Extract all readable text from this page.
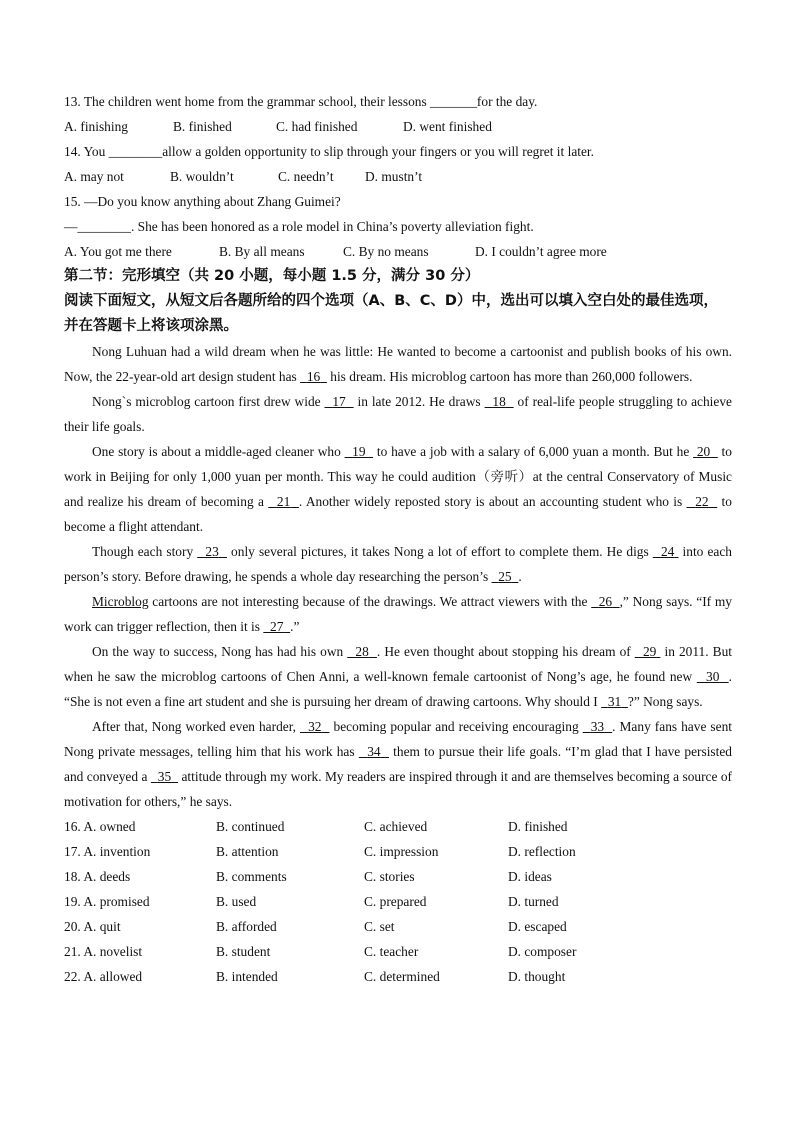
13. The children went home from the grammar school, their lessons _______for the day.
A. finishing	B. finished	C. had finished	D. went finished
14. You ________allow a golden opportunity to slip through your fingers or you will regret it later.
A. may not	B. wouldn’t	C. needn’t	D. mustn’t
15. —Do you know anything about Zhang Guimei?
—________. She has been honored as a role model in China’s poverty alleviation fight.
A. You got me there	B. By all means	C. By no means	D. I couldn’t agree more
第二节：完形填空（共 20 小题，每小题 1.5 分，满分 30 分）
阅读下面短文，从短文后各题所给的四个选项（A、B、C、D）中，选出可以填入空白处的最佳选项，并在答题卡上将该项涂黑。

Nong Luhuan had a wild dream when he was little: He wanted to become a cartoonist and publish books of his own. Now, the 22-year-old art design student has   16   his dream. His microblog cartoon has more than 260,000 followers.

Nong`s microblog cartoon first drew wide   17   in late 2012. He draws   18   of real-life people struggling to achieve their life goals.

One story is about a middle-aged cleaner who   19   to have a job with a salary of 6,000 yuan a month. But he  20   to work in Beijing for only 1,000 yuan per month. This way he could audition（旁听）at the central Conservatory of Music and realize his dream of becoming a   21 . Another widely reposted story is about an accounting student who is   22   to become a flight attendant.

Though each story   23   only several pictures, it takes Nong a lot of effort to complete them. He digs   24  into each person’s story. Before drawing, he spends a whole day researching the person’s   25 .

Microblog cartoons are not interesting because of the drawings. We attract viewers with the   26 ,” Nong says. “If my work can trigger reflection, then it is   27 .”

On the way to success, Nong has had his own   28 . He even thought about stopping his dream of   29  in 2011. But when he saw the microblog cartoons of Chen Anni, a well-known female cartoonist of Nong’s age, he found new   30 . “She is not even a fine art student and she is pursuing her dream of drawing cartoons. Why should I   31 ?” Nong says.

After that, Nong worked even harder,   32   becoming popular and receiving encouraging   33 . Many fans have sent Nong private messages, telling him that his work has   34   them to pursue their life goals. “I’m glad that I have persisted and conveyed a   35   attitude through my work. My readers are inspired through it and are themselves becoming a source of motivation for others,” he says.

16. A. owned	B. continued	C. achieved	D. finished
17. A. invention	B. attention	C. impression	D. reflection
18. A. deeds	B. comments	C. stories	D. ideas
19. A. promised	B. used	C. prepared	D. turned
20. A. quit	B. afforded	C. set	D. escaped
21. A. novelist	B. student	C. teacher	D. composer
22. A. allowed	B. intended	C. determined	D. thought
